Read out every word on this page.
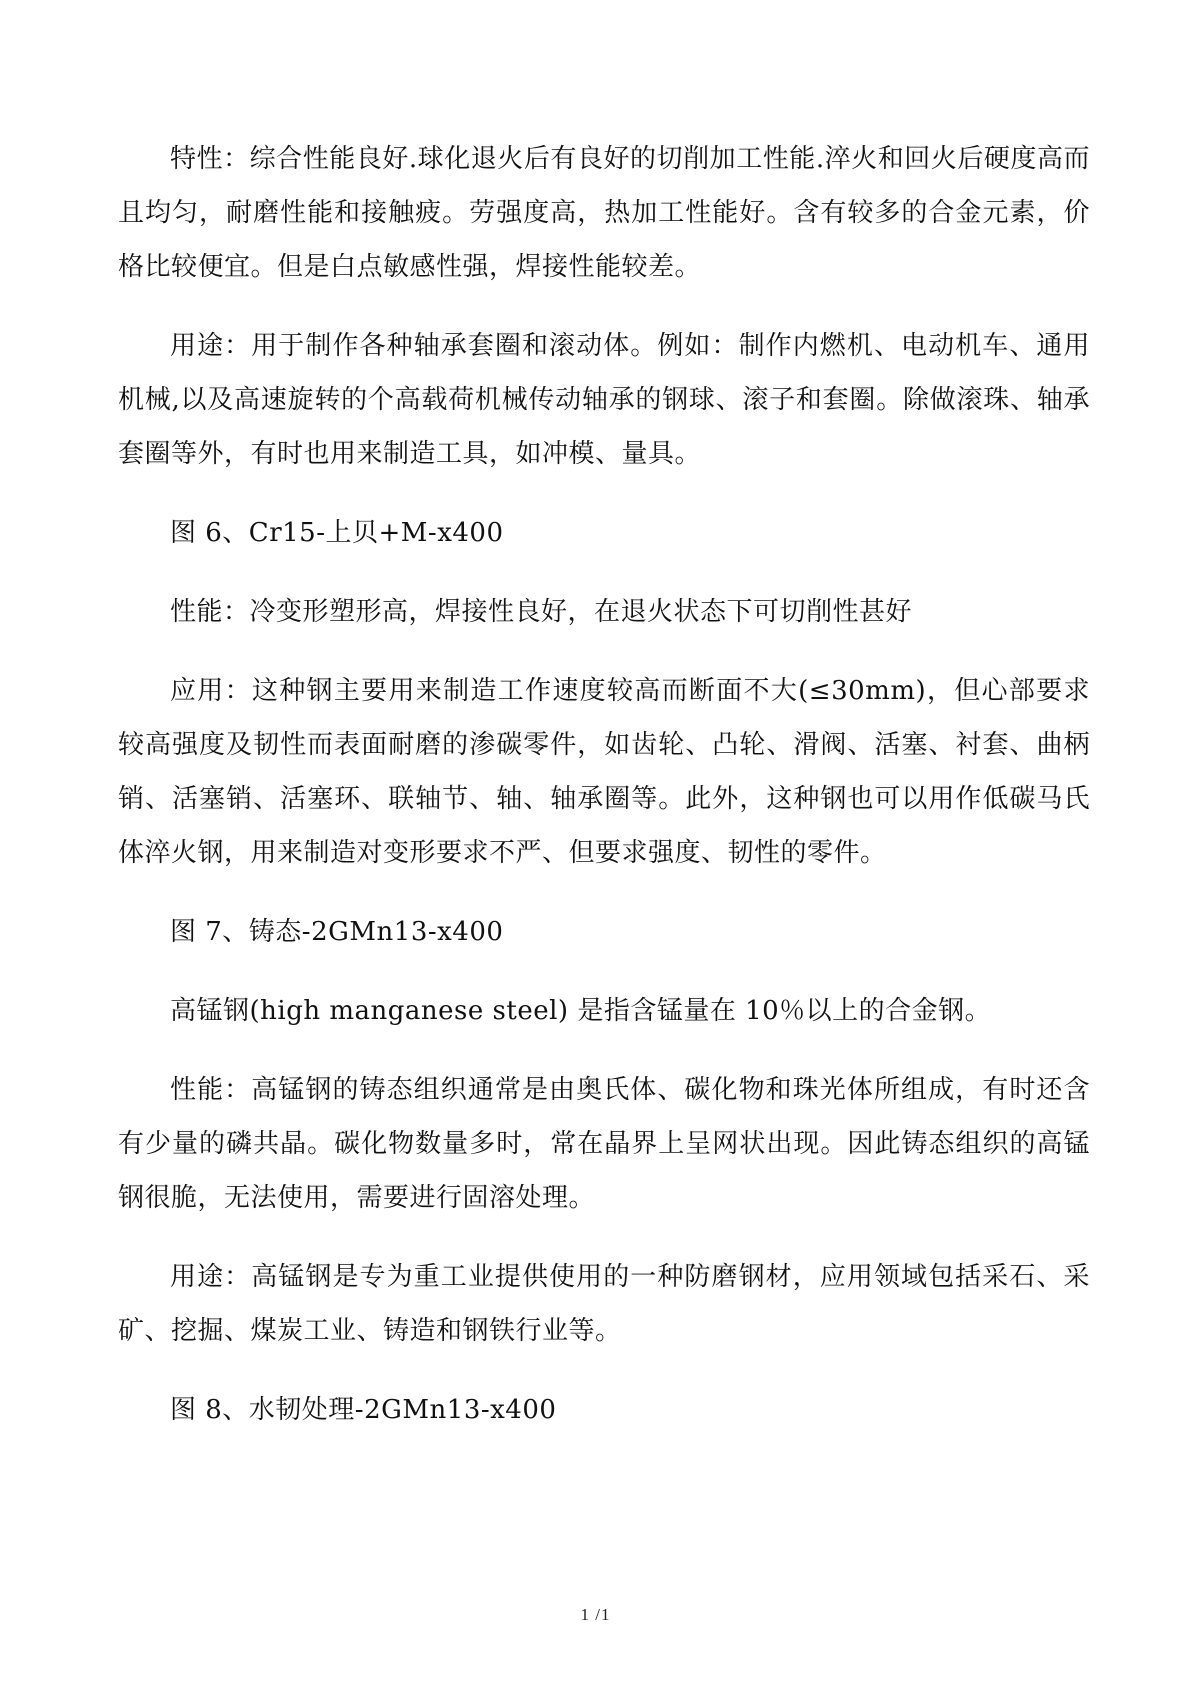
特性：综合性能良好.球化退火后有良好的切削加工性能.淬火和回火后硬度高而且均匀，耐磨性能和接触疲。劳强度高，热加工性能好。含有较多的合金元素，价格比较便宜。但是白点敏感性强，焊接性能较差。

用途：用于制作各种轴承套圈和滚动体。例如：制作内燃机、电动机车、通用机械,以及高速旋转的个高载荷机械传动轴承的钢球、滚子和套圈。除做滚珠、轴承套圈等外，有时也用来制造工具，如冲模、量具。

图 6、Cr15-上贝+M-x400

性能：冷变形塑形高，焊接性良好，在退火状态下可切削性甚好

应用：这种钢主要用来制造工作速度较高而断面不大(≤30mm)，但心部要求较高强度及韧性而表面耐磨的渗碳零件，如齿轮、凸轮、滑阀、活塞、衬套、曲柄销、活塞销、活塞环、联轴节、轴、轴承圈等。此外，这种钢也可以用作低碳马氏体淬火钢，用来制造对变形要求不严、但要求强度、韧性的零件。

图 7、铸态-2GMn13-x400

高锰钢(high manganese steel) 是指含锰量在 10％以上的合金钢。

性能：高锰钢的铸态组织通常是由奥氏体、碳化物和珠光体所组成，有时还含有少量的磷共晶。碳化物数量多时，常在晶界上呈网状出现。因此铸态组织的高锰钢很脆，无法使用，需要进行固溶处理。

用途：高锰钢是专为重工业提供使用的一种防磨钢材，应用领域包括采石、采矿、挖掘、煤炭工业、铸造和钢铁行业等。

图 8、水韧处理-2GMn13-x400

1 /1
